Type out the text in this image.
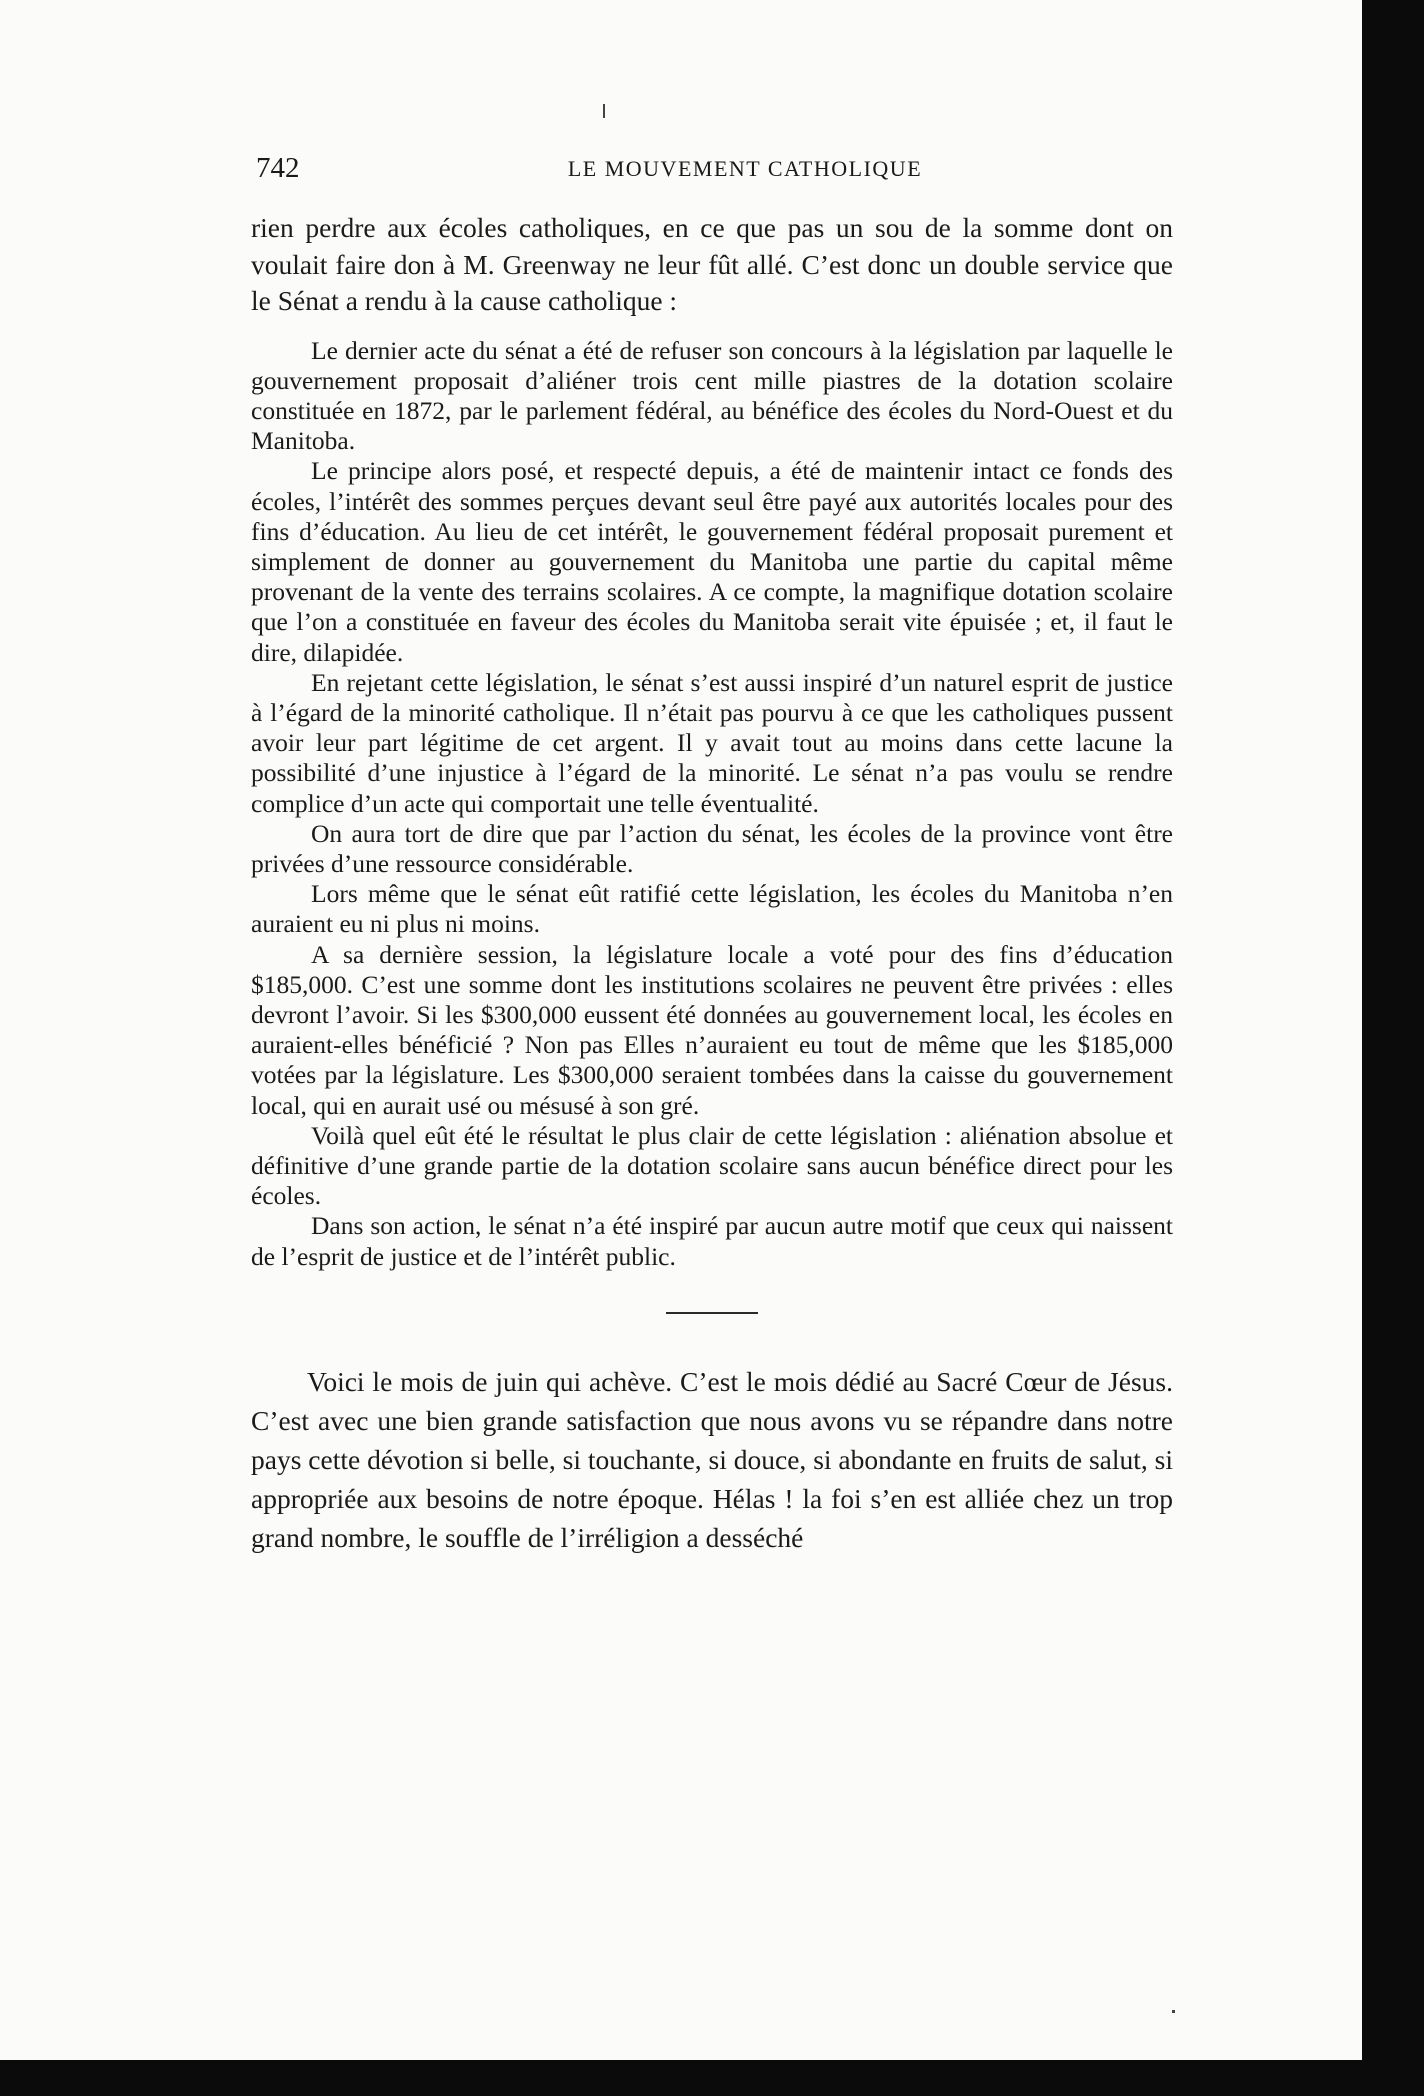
742	LE MOUVEMENT CATHOLIQUE

rien perdre aux écoles catholiques, en ce que pas un sou de la somme dont on voulait faire don à M. Greenway ne leur fût allé. C’est donc un double service que le Sénat a rendu à la cause catholique :

Le dernier acte du sénat a été de refuser son concours à la législation par laquelle le gouvernement proposait d’aliéner trois cent mille piastres de la dotation scolaire constituée en 1872, par le parlement fédéral, au bénéfice des écoles du Nord-Ouest et du Manitoba.

Le principe alors posé, et respecté depuis, a été de maintenir intact ce fonds des écoles, l’intérêt des sommes perçues devant seul être payé aux autorités locales pour des fins d’éducation. Au lieu de cet intérêt, le gouvernement fédéral proposait purement et simplement de donner au gouvernement du Manitoba une partie du capital même provenant de la vente des terrains scolaires. A ce compte, la magnifique dotation scolaire que l’on a constituée en faveur des écoles du Manitoba serait vite épuisée ; et, il faut le dire, dilapidée.

En rejetant cette législation, le sénat s’est aussi inspiré d’un naturel esprit de justice à l’égard de la minorité catholique. Il n’était pas pourvu à ce que les catholiques pussent avoir leur part légitime de cet argent. Il y avait tout au moins dans cette lacune la possibilité d’une injustice à l’égard de la minorité. Le sénat n’a pas voulu se rendre complice d’un acte qui comportait une telle éventualité.

On aura tort de dire que par l’action du sénat, les écoles de la province vont être privées d’une ressource considérable.

Lors même que le sénat eût ratifié cette législation, les écoles du Manitoba n’en auraient eu ni plus ni moins.

A sa dernière session, la législature locale a voté pour des fins d’éducation $185,000. C’est une somme dont les institutions scolaires ne peuvent être privées : elles devront l’avoir. Si les $300,000 eussent été données au gouvernement local, les écoles en auraient-elles bénéficié ? Non pas Elles n’auraient eu tout de même que les $185,000 votées par la législature. Les $300,000 seraient tombées dans la caisse du gouvernement local, qui en aurait usé ou mésusé à son gré.

Voilà quel eût été le résultat le plus clair de cette législation : aliénation absolue et définitive d’une grande partie de la dotation scolaire sans aucun bénéfice direct pour les écoles.

Dans son action, le sénat n’a été inspiré par aucun autre motif que ceux qui naissent de l’esprit de justice et de l’intérêt public.

Voici le mois de juin qui achève. C’est le mois dédié au Sacré Cœur de Jésus. C’est avec une bien grande satisfaction que nous avons vu se répandre dans notre pays cette dévotion si belle, si touchante, si douce, si abondante en fruits de salut, si appropriée aux besoins de notre époque. Hélas ! la foi s’en est alliée chez un trop grand nombre, le souffle de l’irréligion a desséché
